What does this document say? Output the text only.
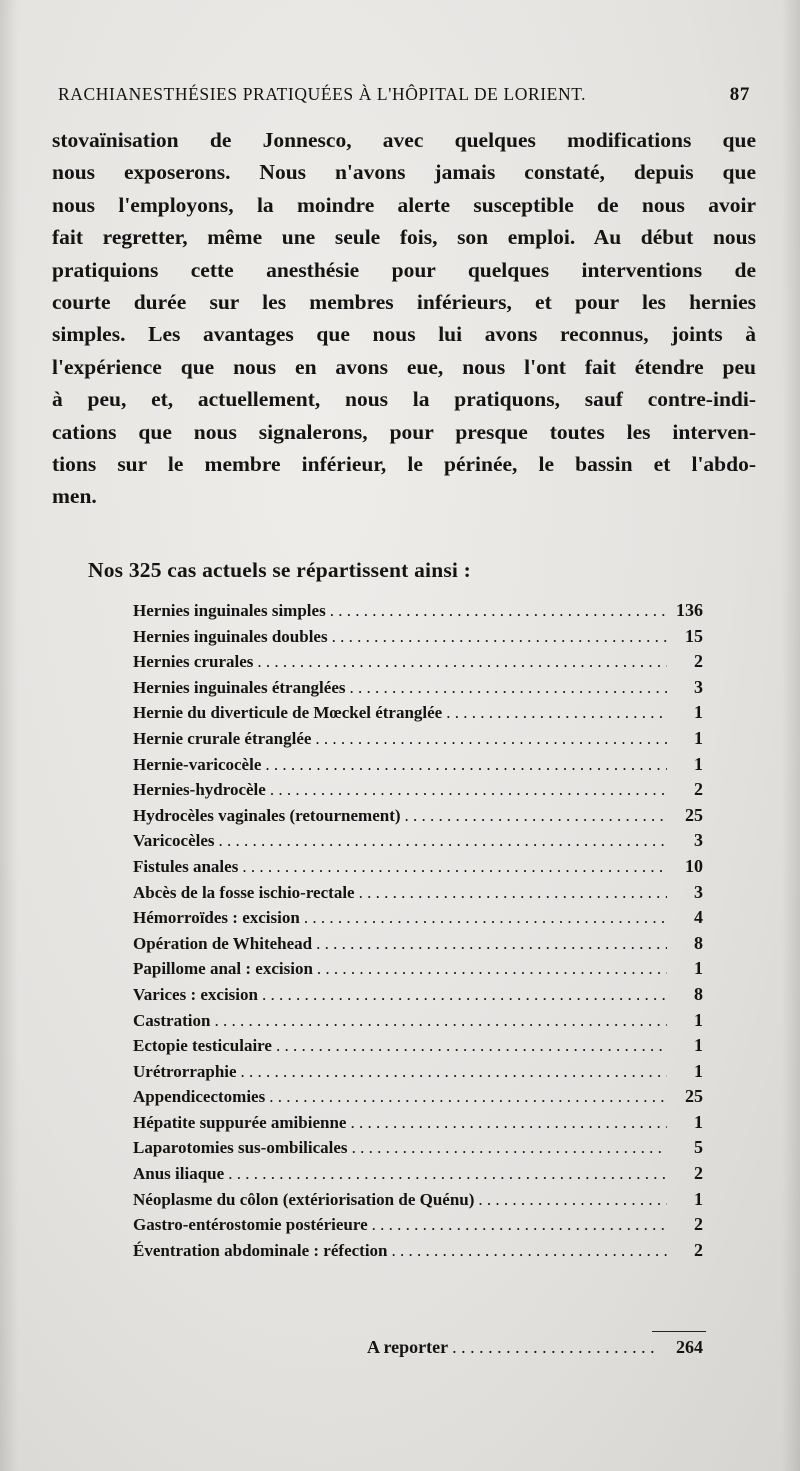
RACHIANESTHÉSIES PRATIQUÉES À L'HÔPITAL DE LORIENT.	87
stovaïnisation de Jonnesco, avec quelques modifications que
nous exposerons. Nous n'avons jamais constaté, depuis que
nous l'employons, la moindre alerte susceptible de nous avoir
fait regretter, même une seule fois, son emploi. Au début nous
pratiquions cette anesthésie pour quelques interventions de
courte durée sur les membres inférieurs, et pour les hernies
simples. Les avantages que nous lui avons reconnus, joints à
l'expérience que nous en avons eue, nous l'ont fait étendre peu
à peu, et, actuellement, nous la pratiquons, sauf contre-indi-
cations que nous signalerons, pour presque toutes les interven-
tions sur le membre inférieur, le périnée, le bassin et l'abdo-
men.
Nos 325 cas actuels se répartissent ainsi :
Hernies inguinales simples . . .	136
Hernies inguinales doubles . . .	15
Hernies crurales . . .	2
Hernies inguinales étranglées . . .	3
Hernie du diverticule de Mœckel étranglée . . .	1
Hernie crurale étranglée . . .	1
Hernie-varicocèle . . .	1
Hernies-hydrocèle . . .	2
Hydrocèles vaginales (retournement) . . .	25
Varicocèles . . .	3
Fistules anales . . .	10
Abcès de la fosse ischio-rectale . . .	3
Hémorroïdes : excision . . .	4
Opération de Whitehead . . .	8
Papillome anal : excision . . .	1
Varices : excision . . .	8
Castration . . .	1
Ectopie testiculaire . . .	1
Urétrorraphie . . .	1
Appendicectomies . . .	25
Hépatite suppurée amibienne . . .	1
Laparotomies sus-ombilicales . . .	5
Anus iliaque . . .	2
Néoplasme du côlon (extériorisation de Quénu) . . .	1
Gastro-entérostomie postérieure . . .	2
Éventration abdominale : réfection . . .	2
A reporter . . .	264
